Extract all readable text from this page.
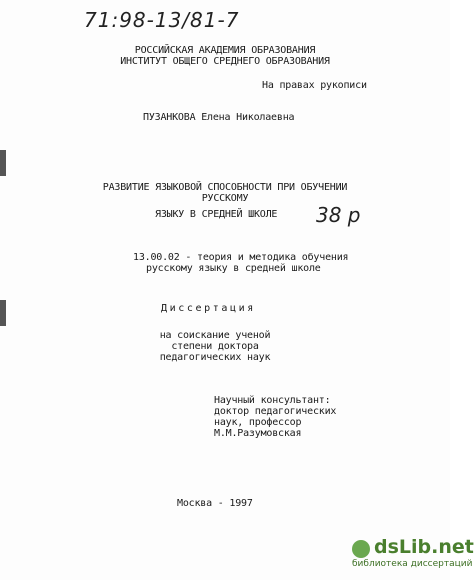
71:98-13/81-7
РОССИЙСКАЯ АКАДЕМИЯ ОБРАЗОВАНИЯ
ИНСТИТУТ ОБЩЕГО СРЕДНЕГО ОБРАЗОВАНИЯ
На правах рукописи
ПУЗАНКОВА Елена Николаевна
РАЗВИТИЕ ЯЗЫКОВОЙ СПОСОБНОСТИ ПРИ ОБУЧЕНИИ
РУССКОМУ
ЯЗЫКУ В СРЕДНЕЙ ШКОЛЕ 38 р
13.00.02 - теория и методика обучения
русскому языку в средней школе
Диссертация
на соискание ученой
степени доктора
педагогических наук
Научный консультант:
доктор педагогических
наук, профессор
М.М.Разумовская
Москва - 1997
dsLib.net
библиотека диссертаций
